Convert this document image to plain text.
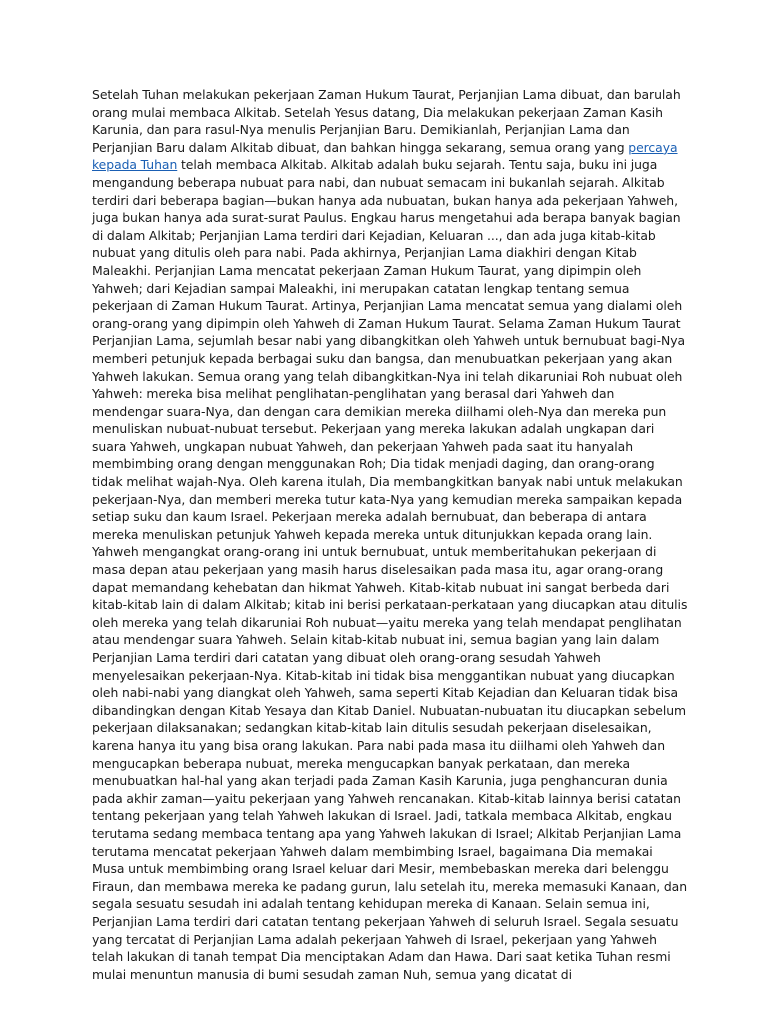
Setelah Tuhan melakukan pekerjaan Zaman Hukum Taurat, Perjanjian Lama dibuat, dan barulah orang mulai membaca Alkitab. Setelah Yesus datang, Dia melakukan pekerjaan Zaman Kasih Karunia, dan para rasul-Nya menulis Perjanjian Baru. Demikianlah, Perjanjian Lama dan Perjanjian Baru dalam Alkitab dibuat, dan bahkan hingga sekarang, semua orang yang percaya kepada Tuhan telah membaca Alkitab. Alkitab adalah buku sejarah. Tentu saja, buku ini juga mengandung beberapa nubuat para nabi, dan nubuat semacam ini bukanlah sejarah. Alkitab terdiri dari beberapa bagian—bukan hanya ada nubuatan, bukan hanya ada pekerjaan Yahweh, juga bukan hanya ada surat-surat Paulus. Engkau harus mengetahui ada berapa banyak bagian di dalam Alkitab; Perjanjian Lama terdiri dari Kejadian, Keluaran ..., dan ada juga kitab-kitab nubuat yang ditulis oleh para nabi. Pada akhirnya, Perjanjian Lama diakhiri dengan Kitab Maleakhi. Perjanjian Lama mencatat pekerjaan Zaman Hukum Taurat, yang dipimpin oleh Yahweh; dari Kejadian sampai Maleakhi, ini merupakan catatan lengkap tentang semua pekerjaan di Zaman Hukum Taurat. Artinya, Perjanjian Lama mencatat semua yang dialami oleh orang-orang yang dipimpin oleh Yahweh di Zaman Hukum Taurat. Selama Zaman Hukum Taurat Perjanjian Lama, sejumlah besar nabi yang dibangkitkan oleh Yahweh untuk bernubuat bagi-Nya memberi petunjuk kepada berbagai suku dan bangsa, dan menubuatkan pekerjaan yang akan Yahweh lakukan. Semua orang yang telah dibangkitkan-Nya ini telah dikaruniai Roh nubuat oleh Yahweh: mereka bisa melihat penglihatan-penglihatan yang berasal dari Yahweh dan mendengar suara-Nya, dan dengan cara demikian mereka diilhami oleh-Nya dan mereka pun menuliskan nubuat-nubuat tersebut. Pekerjaan yang mereka lakukan adalah ungkapan dari suara Yahweh, ungkapan nubuat Yahweh, dan pekerjaan Yahweh pada saat itu hanyalah membimbing orang dengan menggunakan Roh; Dia tidak menjadi daging, dan orang-orang tidak melihat wajah-Nya. Oleh karena itulah, Dia membangkitkan banyak nabi untuk melakukan pekerjaan-Nya, dan memberi mereka tutur kata-Nya yang kemudian mereka sampaikan kepada setiap suku dan kaum Israel. Pekerjaan mereka adalah bernubuat, dan beberapa di antara mereka menuliskan petunjuk Yahweh kepada mereka untuk ditunjukkan kepada orang lain. Yahweh mengangkat orang-orang ini untuk bernubuat, untuk memberitahukan pekerjaan di masa depan atau pekerjaan yang masih harus diselesaikan pada masa itu, agar orang-orang dapat memandang kehebatan dan hikmat Yahweh. Kitab-kitab nubuat ini sangat berbeda dari kitab-kitab lain di dalam Alkitab; kitab ini berisi perkataan-perkataan yang diucapkan atau ditulis oleh mereka yang telah dikaruniai Roh nubuat—yaitu mereka yang telah mendapat penglihatan atau mendengar suara Yahweh. Selain kitab-kitab nubuat ini, semua bagian yang lain dalam Perjanjian Lama terdiri dari catatan yang dibuat oleh orang-orang sesudah Yahweh menyelesaikan pekerjaan-Nya. Kitab-kitab ini tidak bisa menggantikan nubuat yang diucapkan oleh nabi-nabi yang diangkat oleh Yahweh, sama seperti Kitab Kejadian dan Keluaran tidak bisa dibandingkan dengan Kitab Yesaya dan Kitab Daniel. Nubuatan-nubuatan itu diucapkan sebelum pekerjaan dilaksanakan; sedangkan kitab-kitab lain ditulis sesudah pekerjaan diselesaikan, karena hanya itu yang bisa orang lakukan. Para nabi pada masa itu diilhami oleh Yahweh dan mengucapkan beberapa nubuat, mereka mengucapkan banyak perkataan, dan mereka menubuatkan hal-hal yang akan terjadi pada Zaman Kasih Karunia, juga penghancuran dunia pada akhir zaman—yaitu pekerjaan yang Yahweh rencanakan. Kitab-kitab lainnya berisi catatan tentang pekerjaan yang telah Yahweh lakukan di Israel. Jadi, tatkala membaca Alkitab, engkau terutama sedang membaca tentang apa yang Yahweh lakukan di Israel; Alkitab Perjanjian Lama terutama mencatat pekerjaan Yahweh dalam membimbing Israel, bagaimana Dia memakai Musa untuk membimbing orang Israel keluar dari Mesir, membebaskan mereka dari belenggu Firaun, dan membawa mereka ke padang gurun, lalu setelah itu, mereka memasuki Kanaan, dan segala sesuatu sesudah ini adalah tentang kehidupan mereka di Kanaan. Selain semua ini, Perjanjian Lama terdiri dari catatan tentang pekerjaan Yahweh di seluruh Israel. Segala sesuatu yang tercatat di Perjanjian Lama adalah pekerjaan Yahweh di Israel, pekerjaan yang Yahweh telah lakukan di tanah tempat Dia menciptakan Adam dan Hawa. Dari saat ketika Tuhan resmi mulai menuntun manusia di bumi sesudah zaman Nuh, semua yang dicatat di
